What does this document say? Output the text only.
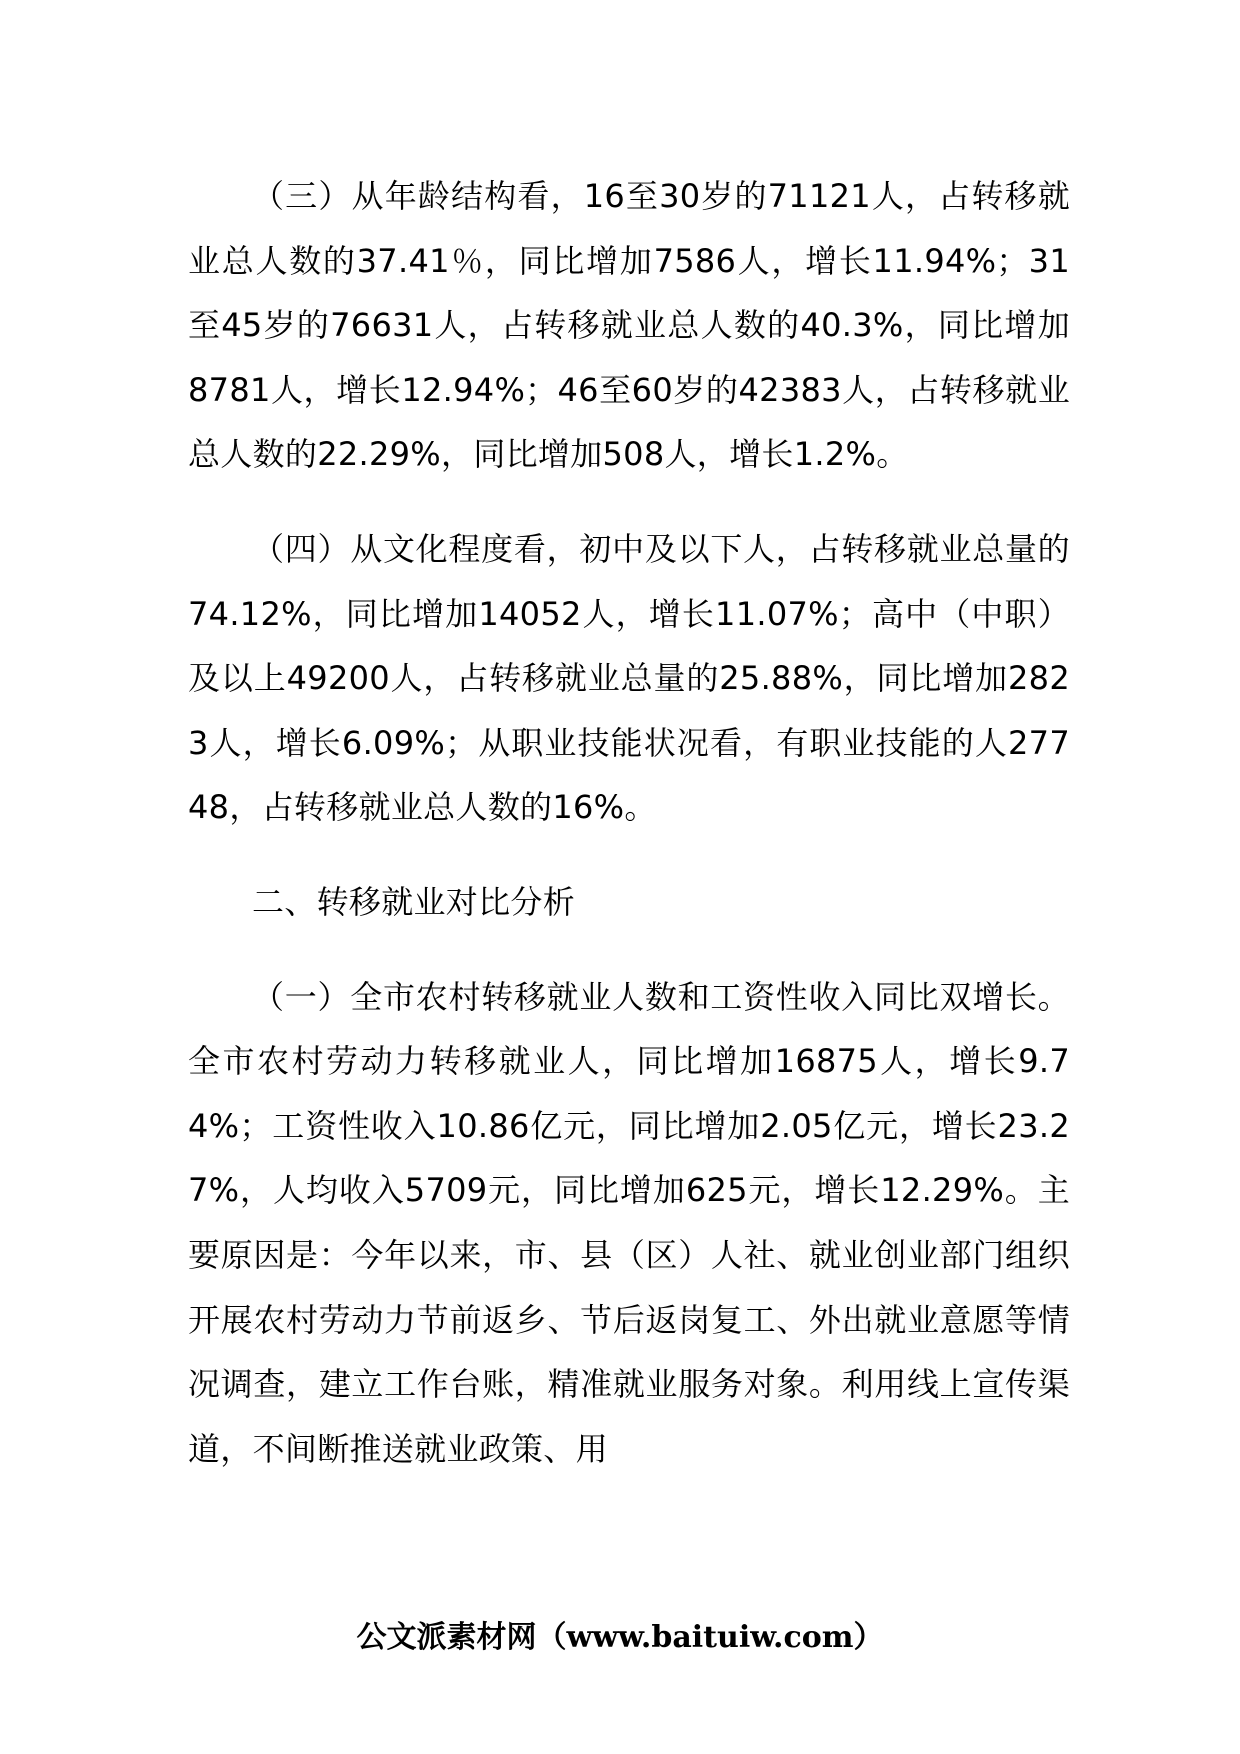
（三）从年龄结构看，16至30岁的71121人，占转移就业总人数的37.41％，同比增加7586人，增长11.94%；31至45岁的76631人，占转移就业总人数的40.3%，同比增加8781人，增长12.94%；46至60岁的42383人，占转移就业总人数的22.29%，同比增加508人，增长1.2%。

（四）从文化程度看，初中及以下人，占转移就业总量的74.12%，同比增加14052人，增长11.07%；高中（中职）及以上49200人，占转移就业总量的25.88%，同比增加2823人，增长6.09%；从职业技能状况看，有职业技能的人27748，占转移就业总人数的16%。

二、转移就业对比分析

（一）全市农村转移就业人数和工资性收入同比双增长。全市农村劳动力转移就业人，同比增加16875人，增长9.74%；工资性收入10.86亿元，同比增加2.05亿元，增长23.27%，人均收入5709元，同比增加625元，增长12.29%。主要原因是：今年以来，市、县（区）人社、就业创业部门组织开展农村劳动力节前返乡、节后返岗复工、外出就业意愿等情况调查，建立工作台账，精准就业服务对象。利用线上宣传渠道，不间断推送就业政策、用

公文派素材网（www.baituiw.com）
